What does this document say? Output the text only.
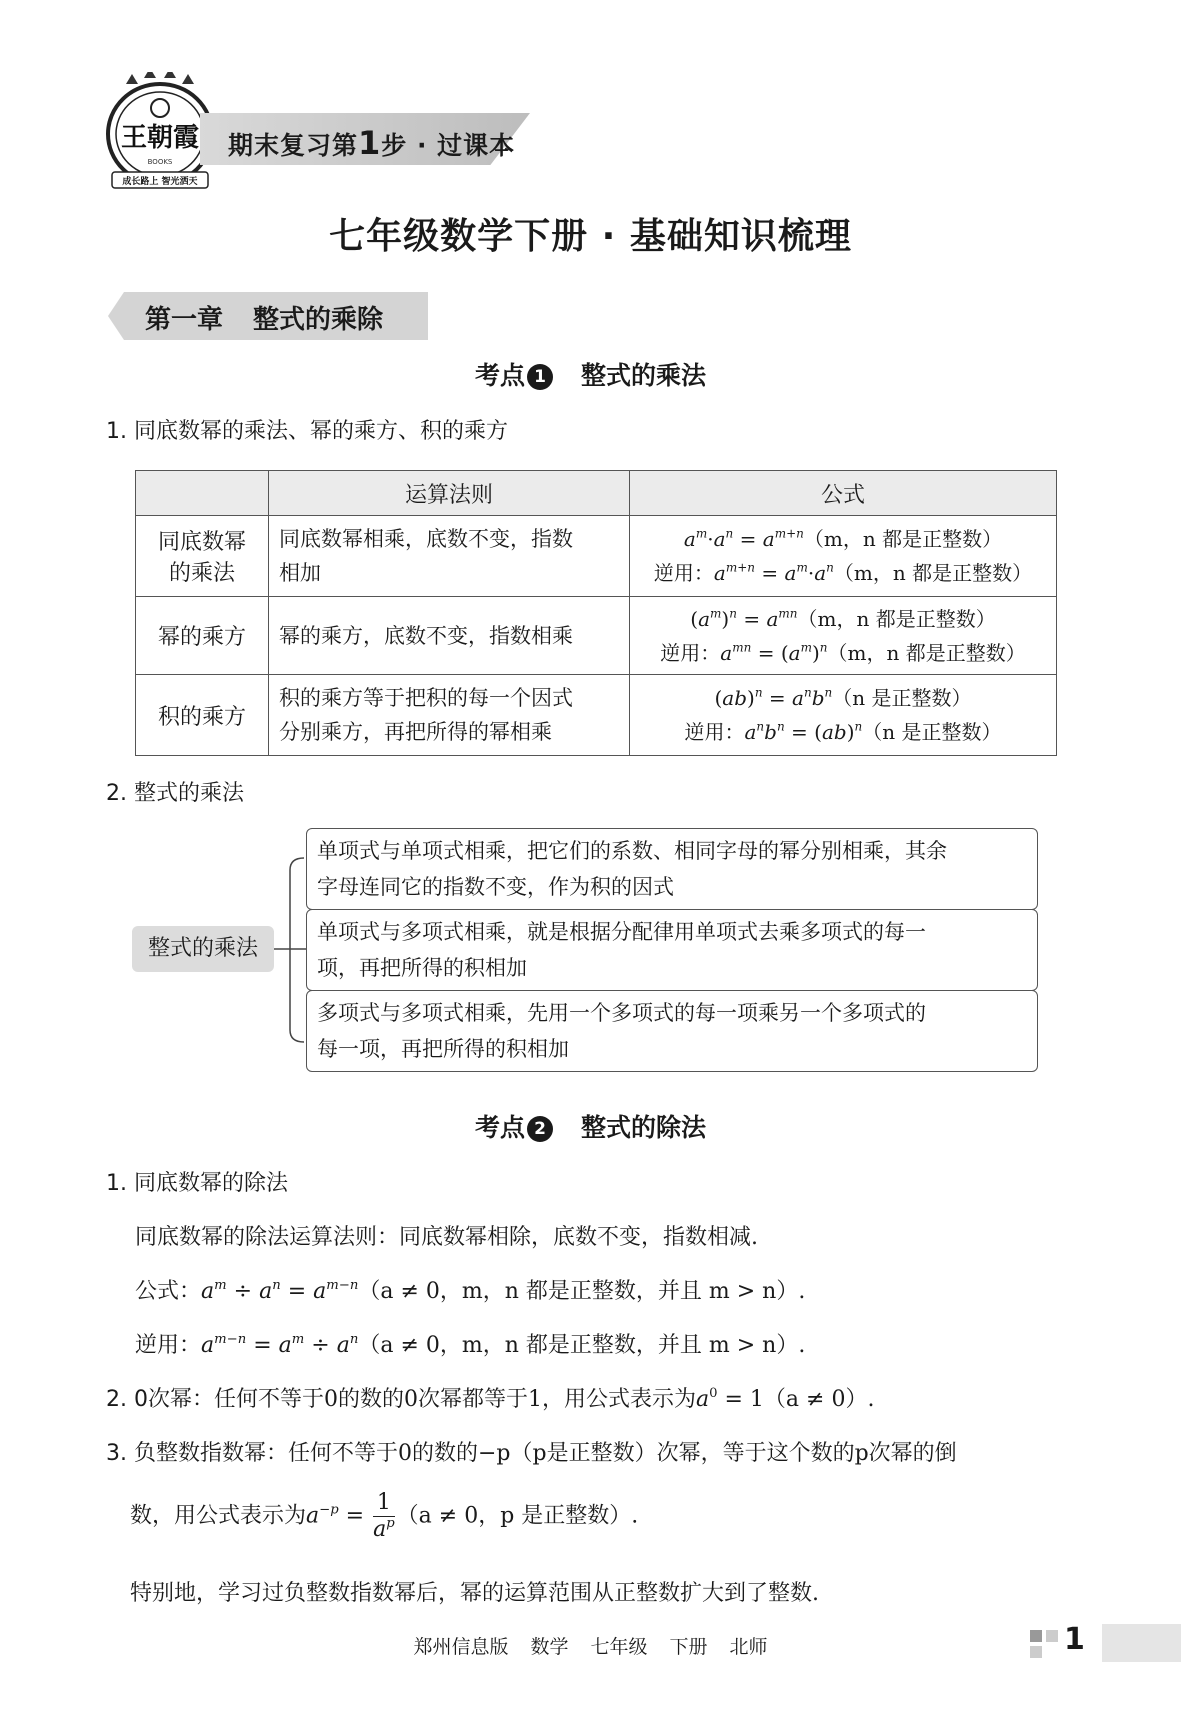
王朝霞
BOOKS
成长路上 智光洒天
期末复习第1步 · 过课本
七年级数学下册 · 基础知识梳理
第一章 整式的乘除
考点 1 整式的乘法
1. 同底数幂的乘法、幂的乘方、积的乘方
	运算法则	公式
同底数幂
的乘法	同底数幂相乘，底数不变，指数
相加	$a^m\cdot a^n = a^{m+n}(m$，n 都是正整数）
逆用：$a^{m+n} = a^m\cdot a^n(m$，n 都是正整数）
幂的乘方	幂的乘方，底数不变，指数相乘	$(a^m)^n = a^{mn}(m$，n 都是正整数）
逆用：$a^{mn} = (a^m)^n(m$，n 都是正整数）
积的乘方	积的乘方等于把积的每一个因式
分别乘方，再把所得的幂相乘	$(ab)^n = a^nb^n(n$ 是正整数）
逆用：$a^nb^n = (ab)^n(n$ 是正整数）
2. 整式的乘法
整式的乘法
单项式与单项式相乘，把它们的系数、相同字母的幂分别相乘，其余
字母连同它的指数不变，作为积的因式
单项式与多项式相乘，就是根据分配律用单项式去乘多项式的每一
项，再把所得的积相加
多项式与多项式相乘，先用一个多项式的每一项乘另一个多项式的
每一项，再把所得的积相加
考点 2 整式的除法
1. 同底数幂的除法
同底数幂的除法运算法则：同底数幂相除，底数不变，指数相减.
公式：$a^m \div a^n = a^{m-n}(a \ne 0$，m，n 都是正整数，并且 m > n）.
逆用：$a^{m-n} = a^m \div a^n(a \ne 0$，m，n 都是正整数，并且 m > n）.
2. 0次幂：任何不等于0的数的0次幂都等于1，用公式表示为$a^0 = 1(a \ne 0)$.
3. 负整数指数幂：任何不等于0的数的−p（p是正整数）次幂，等于这个数的p次幂的倒
数，用公式表示为$a^{-p} = \frac{1}{a^p} (a \ne 0$，p 是正整数）.
特别地，学习过负整数指数幂后，幂的运算范围从正整数扩大到了整数.
郑州信息版 数学 七年级 下册 北师	1
